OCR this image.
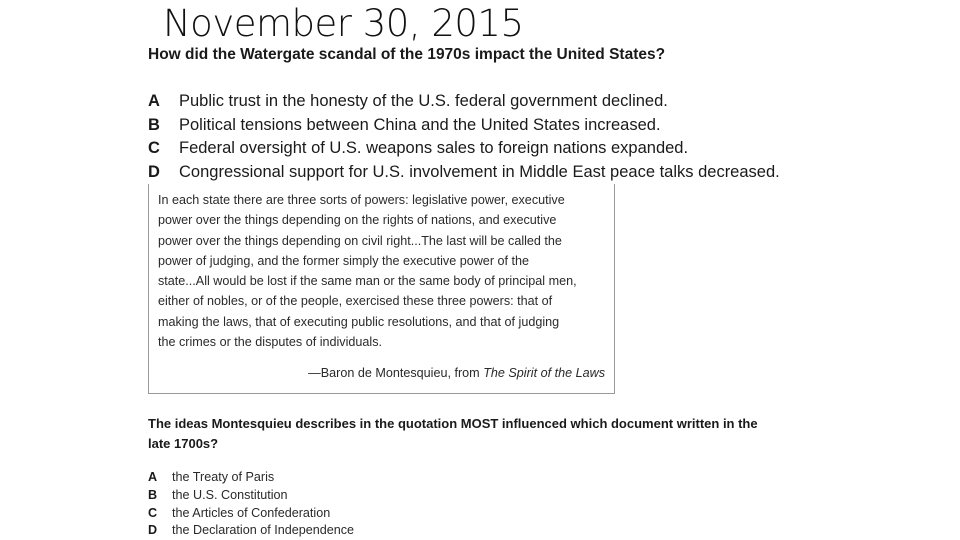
November 30, 2015
How did the Watergate scandal of the 1970s impact the United States?
A	Public trust in the honesty of the U.S. federal government declined.
B	Political tensions between China and the United States increased.
C	Federal oversight of U.S. weapons sales to foreign nations expanded.
D	Congressional support for U.S. involvement in Middle East peace talks decreased.
In each state there are three sorts of powers: legislative power, executive
power over the things depending on the rights of nations, and executive
power over the things depending on civil right...The last will be called the
power of judging, and the former simply the executive power of the
state...All would be lost if the same man or the same body of principal men,
either of nobles, or of the people, exercised these three powers: that of
making the laws, that of executing public resolutions, and that of judging
the crimes or the disputes of individuals.
—Baron de Montesquieu, from The Spirit of the Laws
The ideas Montesquieu describes in the quotation MOST influenced which document written in the
late 1700s?
A	the Treaty of Paris
B	the U.S. Constitution
C	the Articles of Confederation
D	the Declaration of Independence
